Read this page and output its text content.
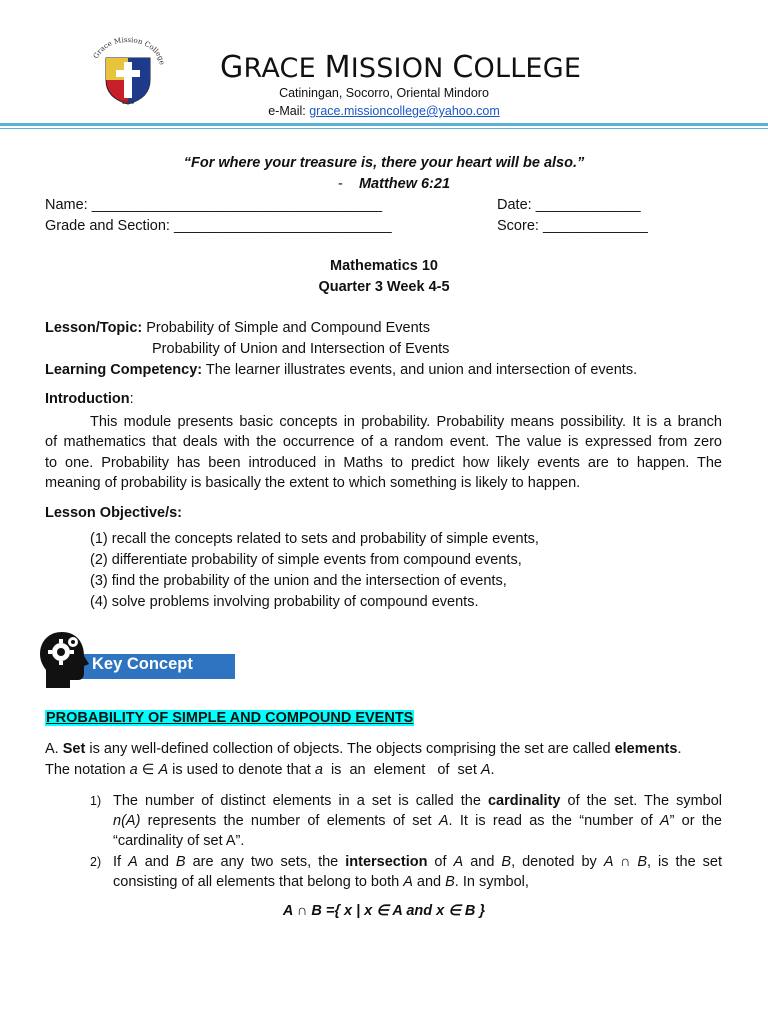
Grace Mission College
1979
GRACE MISSION COLLEGE
Catiningan, Socorro, Oriental Mindoro
e-Mail: grace.missioncollege@yahoo.com
“For where your treasure is, there your heart will be also.”
- Matthew 6:21
Name: ____________________________________	Date: _____________
Grade and Section: ___________________________	Score: _____________
Mathematics 10
Quarter 3 Week 4-5
Lesson/Topic: Probability of Simple and Compound Events
Probability of Union and Intersection of Events
Learning Competency: The learner illustrates events, and union and intersection of events.
Introduction:
This module presents basic concepts in probability. Probability means possibility. It is a branch
of mathematics that deals with the occurrence of a random event. The value is expressed from zero
to one. Probability has been introduced in Maths to predict how likely events are to happen. The
meaning of probability is basically the extent to which something is likely to happen.
Lesson Objective/s:
(1) recall the concepts related to sets and probability of simple events,
(2) differentiate probability of simple events from compound events,
(3) find the probability of the union and the intersection of events,
(4) solve problems involving probability of compound events.
Key Concept
PROBABILITY OF SIMPLE AND COMPOUND EVENTS
A. Set is any well-defined collection of objects. The objects comprising the set are called elements.
The notation a ∈ A is used to denote that a  is  an  element   of  set A.
1) The number of distinct elements in a set is called the cardinality of the set. The symbol
n(A) represents the number of elements of set A. It is read as the “number of A” or the
“cardinality of set A”.
2) If A and B are any two sets, the intersection of A and B, denoted by A ∩ B, is the set
consisting of all elements that belong to both A and B. In symbol,
A ∩ B ={ x | x ∈ A and x ∈ B }
